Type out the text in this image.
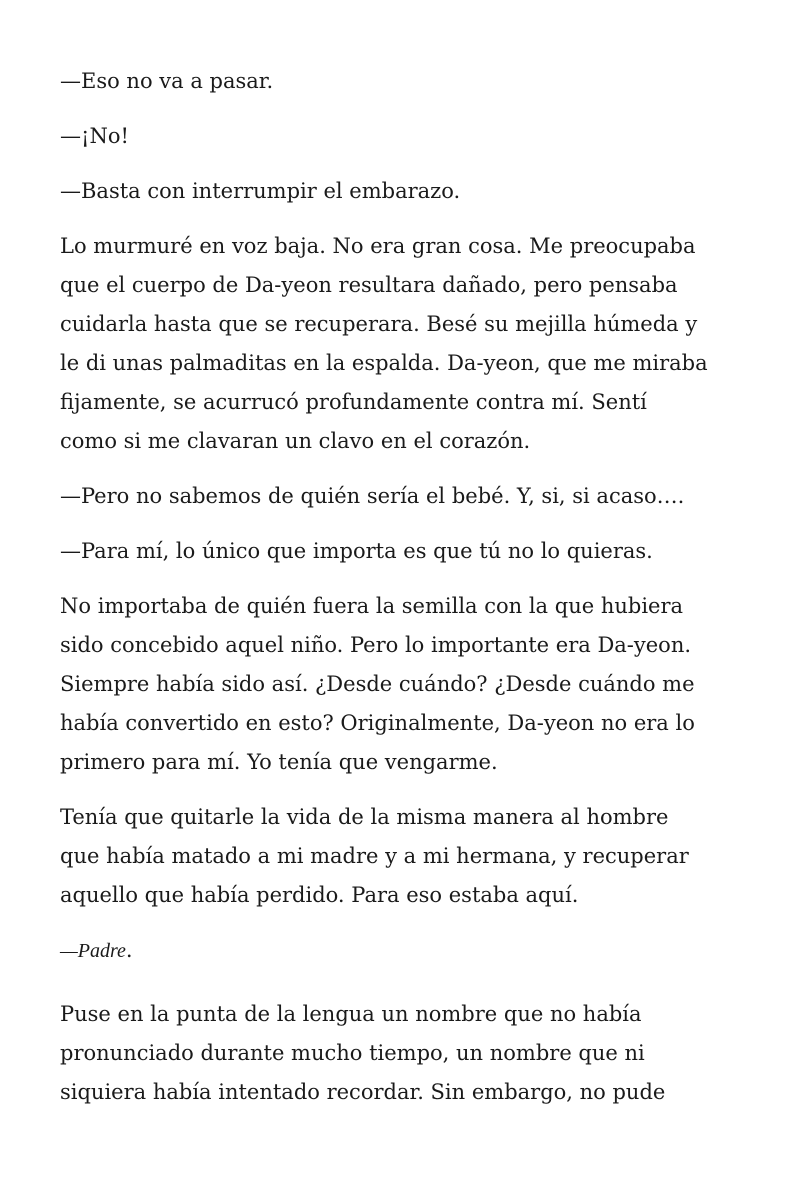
—Eso no va a pasar.

—¡No!

—Basta con interrumpir el embarazo.

Lo murmuré en voz baja. No era gran cosa. Me preocupaba
que el cuerpo de Da-yeon resultara dañado, pero pensaba
cuidarla hasta que se recuperara. Besé su mejilla húmeda y
le di unas palmaditas en la espalda. Da-yeon, que me miraba
fijamente, se acurrucó profundamente contra mí. Sentí
como si me clavaran un clavo en el corazón.

—Pero no sabemos de quién sería el bebé. Y, si, si acaso….

—Para mí, lo único que importa es que tú no lo quieras.

No importaba de quién fuera la semilla con la que hubiera
sido concebido aquel niño. Pero lo importante era Da-yeon.
Siempre había sido así. ¿Desde cuándo? ¿Desde cuándo me
había convertido en esto? Originalmente, Da-yeon no era lo
primero para mí. Yo tenía que vengarme.

Tenía que quitarle la vida de la misma manera al hombre
que había matado a mi madre y a mi hermana, y recuperar
aquello que había perdido. Para eso estaba aquí.

—Padre.

Puse en la punta de la lengua un nombre que no había
pronunciado durante mucho tiempo, un nombre que ni
siquiera había intentado recordar. Sin embargo, no pude
